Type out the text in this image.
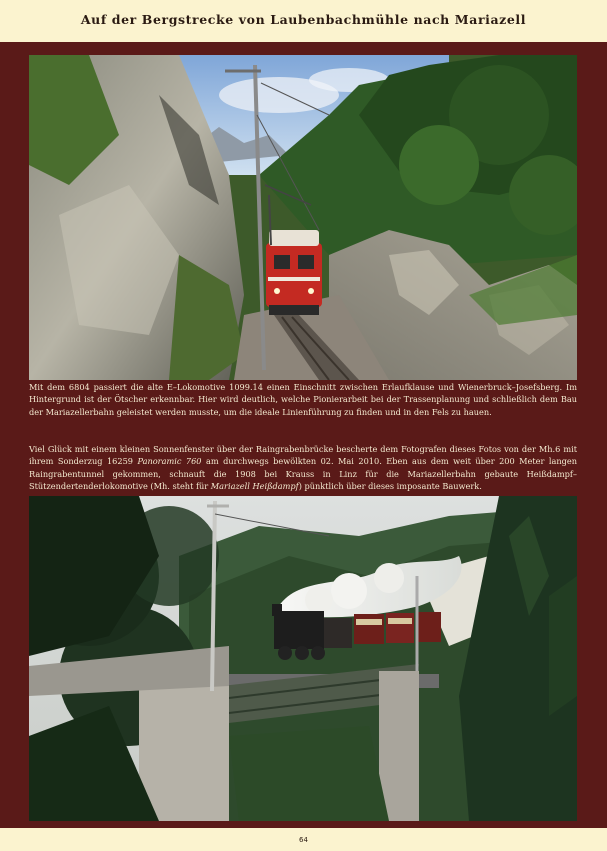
Auf der Bergstrecke von Laubenbachmühle nach Mariazell
Mit dem 6804 passiert die alte E–Lokomotive 1099.14 einen Einschnitt zwischen Erlaufklause und Wienerbruck–Josefsberg. Im Hintergrund ist der Ötscher erkennbar. Hier wird deutlich, welche Pionierarbeit bei der Trassenplanung und schließlich dem Bau der Mariazellerbahn geleistet werden musste, um die ideale Linienführung zu finden und in den Fels zu hauen.
Viel Glück mit einem kleinen Sonnenfenster über der Raingrabenbrücke bescherte dem Fotografen dieses Fotos von der Mh.6 mit ihrem Sonderzug 16259 Panoramic 760 am durchwegs bewölkten 02. Mai 2010. Eben aus dem weit über 200 Meter langen Raingrabentunnel gekommen, schnauft die 1908 bei Krauss in Linz für die Mariazellerbahn gebaute Heißdampf–Stützendertenderlokomotive (Mh. steht für Mariazell Heißdampf) pünktlich über dieses imposante Bauwerk.
64
